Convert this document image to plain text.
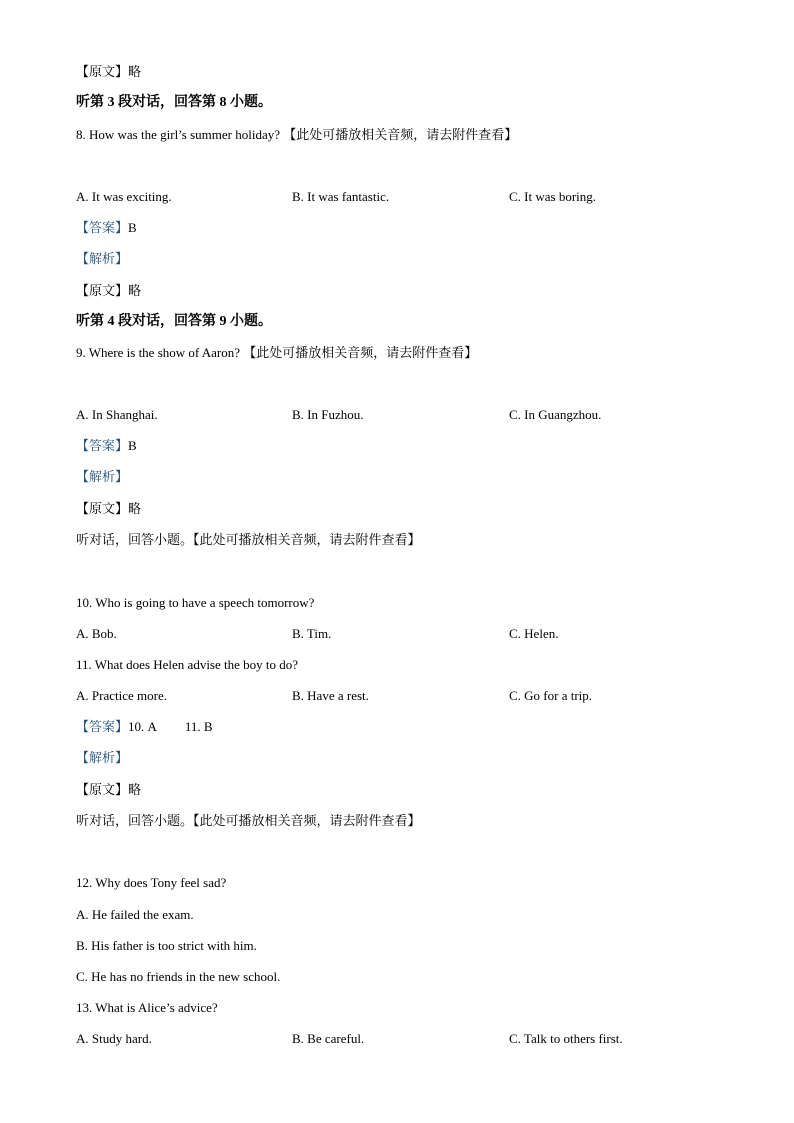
【原文】略
听第 3 段对话，回答第 8 小题。
8. How was the girl’s summer holiday? 【此处可播放相关音频，请去附件查看】
A. It was exciting.	B. It was fantastic.	C. It was boring.
【答案】B
【解析】
【原文】略
听第 4 段对话，回答第 9 小题。
9. Where is the show of Aaron? 【此处可播放相关音频，请去附件查看】
A. In Shanghai.	B. In Fuzhou.	C. In Guangzhou.
【答案】B
【解析】
【原文】略
听对话，回答小题。【此处可播放相关音频，请去附件查看】
10. Who is going to have a speech tomorrow?
A. Bob.	B. Tim.	C. Helen.
11. What does Helen advise the boy to do?
A. Practice more.	B. Have a rest.	C. Go for a trip.
【答案】10. A 11. B
【解析】
【原文】略
听对话，回答小题。【此处可播放相关音频，请去附件查看】
12. Why does Tony feel sad?
A. He failed the exam.
B. His father is too strict with him.
C. He has no friends in the new school.
13. What is Alice’s advice?
A. Study hard.	B. Be careful.	C. Talk to others first.
